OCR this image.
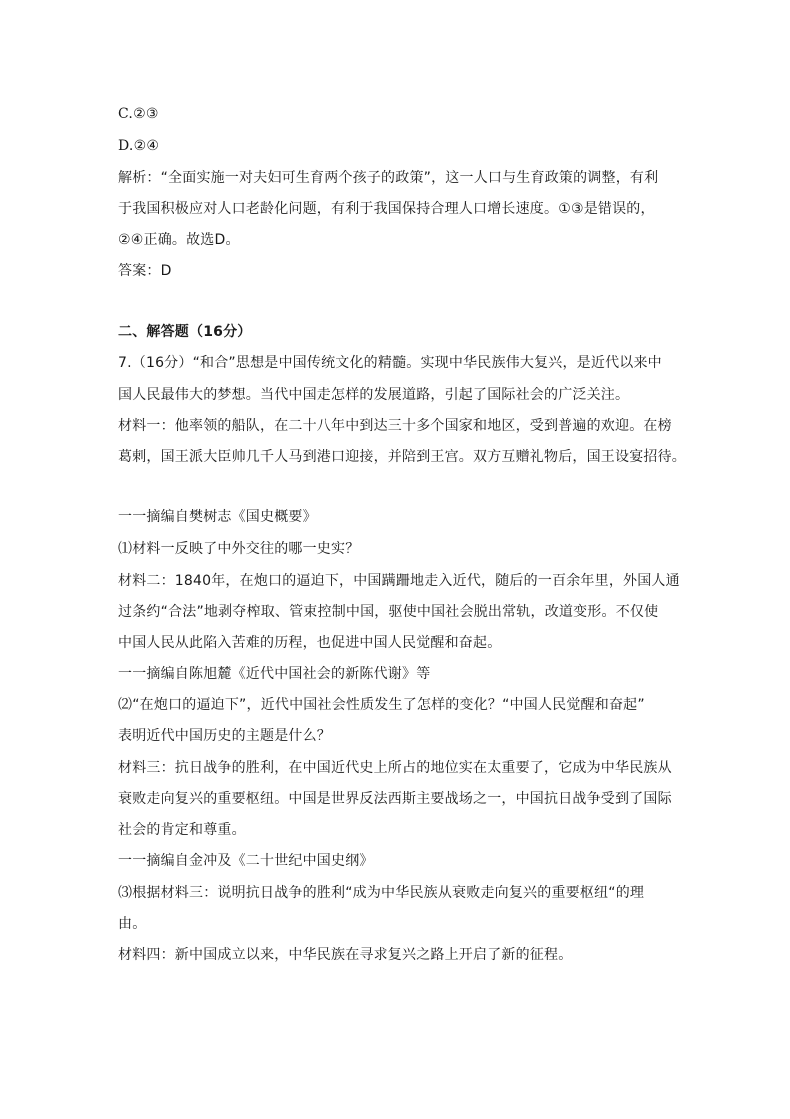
C.②③
D.②④
解析：“全面实施一对夫妇可生育两个孩子的政策”，这一人口与生育政策的调整，有利
于我国积极应对人口老龄化问题，有利于我国保持合理人口增长速度。①③是错误的，
②④正确。故选D。
答案：D
二、解答题（16分）
7.（16分）“和合”思想是中国传统文化的精髓。实现中华民族伟大复兴，是近代以来中
国人民最伟大的梦想。当代中国走怎样的发展道路，引起了国际社会的广泛关注。
材料一：他率领的船队，在二十八年中到达三十多个国家和地区，受到普遍的欢迎。在榜
葛剌，国王派大臣帅几千人马到港口迎接，并陪到王宫。双方互赠礼物后，国王设宴招待。
一一摘编自樊树志《国史概要》
⑴材料一反映了中外交往的哪一史实？
材料二：1840年，在炮口的逼迫下，中国蹒跚地走入近代，随后的一百余年里，外国人通
过条约“合法”地剥夺榨取、管束控制中国，驱使中国社会脱出常轨，改道变形。不仅使
中国人民从此陷入苦难的历程，也促进中国人民觉醒和奋起。
一一摘编自陈旭麓《近代中国社会的新陈代谢》等
⑵“在炮口的逼迫下”，近代中国社会性质发生了怎样的变化？“中国人民觉醒和奋起”
表明近代中国历史的主题是什么？
材料三：抗日战争的胜利，在中国近代史上所占的地位实在太重要了，它成为中华民族从
衰败走向复兴的重要枢纽。中国是世界反法西斯主要战场之一，中国抗日战争受到了国际
社会的肯定和尊重。
一一摘编自金冲及《二十世纪中国史纲》
⑶根据材料三：说明抗日战争的胜利“成为中华民族从衰败走向复兴的重要枢纽“的理
由。
材料四：新中国成立以来，中华民族在寻求复兴之路上开启了新的征程。
